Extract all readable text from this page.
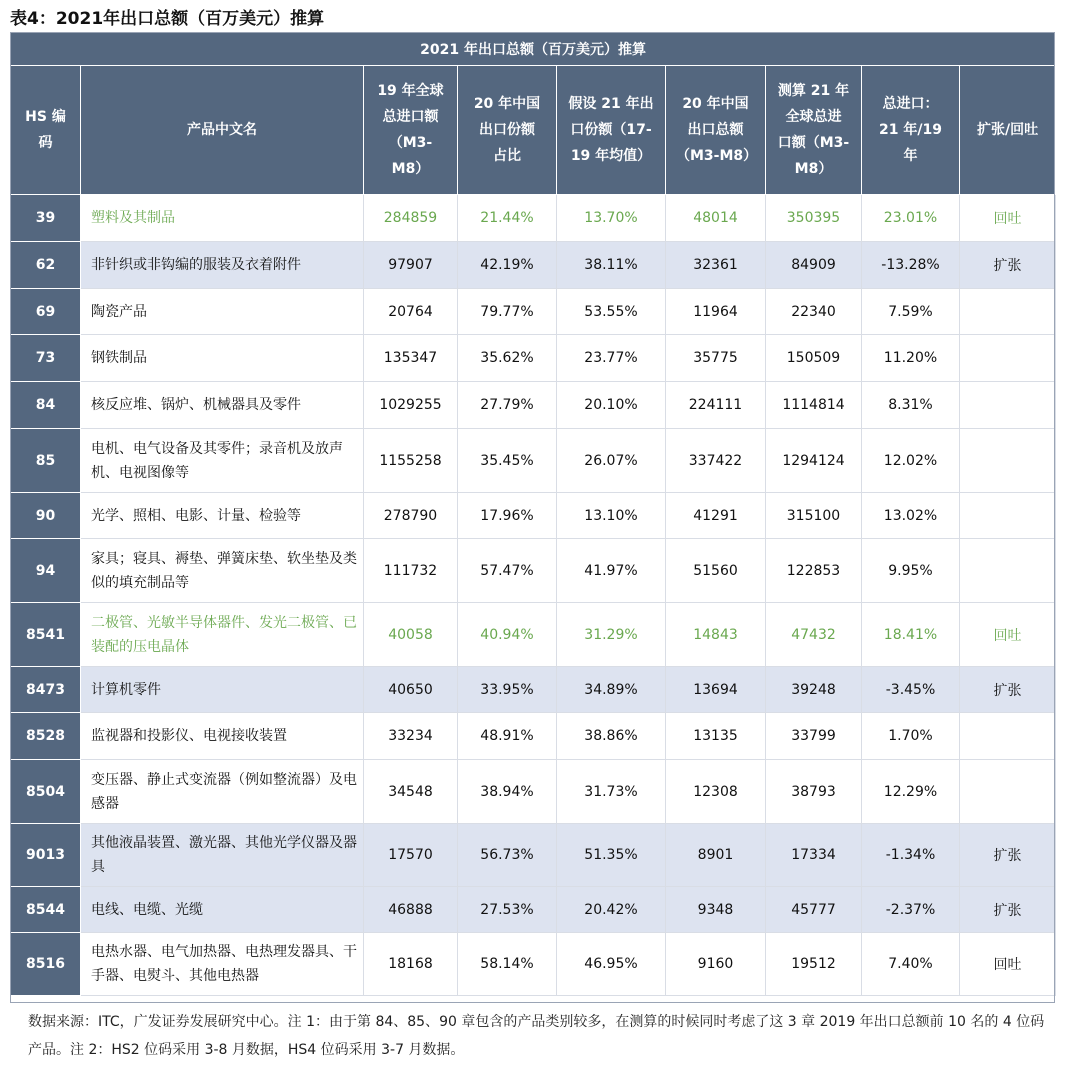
表4：2021年出口总额（百万美元）推算
2021 年出口总额（百万美元）推算								
HS 编
码	产品中文名	19 年全球
总进口额
（M3-
M8）	20 年中国
出口份额
占比	假设 21 年出
口份额（17-
19 年均值）	20 年中国
出口总额
（M3-M8）	测算 21 年
全球总进
口额（M3-
M8）	总进口：
21 年/19
年	扩张/回吐
39	塑料及其制品	284859	21.44%	13.70%	48014	350395	23.01%	回吐
62	非针织或非钩编的服装及衣着附件	97907	42.19%	38.11%	32361	84909	-13.28%	扩张
69	陶瓷产品	20764	79.77%	53.55%	11964	22340	7.59%	
73	钢铁制品	135347	35.62%	23.77%	35775	150509	11.20%	
84	核反应堆、锅炉、机械器具及零件	1029255	27.79%	20.10%	224111	1114814	8.31%	
85	电机、电气设备及其零件；录音机及放声机、电视图像等	1155258	35.45%	26.07%	337422	1294124	12.02%	
90	光学、照相、电影、计量、检验等	278790	17.96%	13.10%	41291	315100	13.02%	
94	家具；寝具、褥垫、弹簧床垫、软坐垫及类似的填充制品等	111732	57.47%	41.97%	51560	122853	9.95%	
8541	二极管、光敏半导体器件、发光二极管、已装配的压电晶体	40058	40.94%	31.29%	14843	47432	18.41%	回吐
8473	计算机零件	40650	33.95%	34.89%	13694	39248	-3.45%	扩张
8528	监视器和投影仪、电视接收装置	33234	48.91%	38.86%	13135	33799	1.70%	
8504	变压器、静止式变流器（例如整流器）及电感器	34548	38.94%	31.73%	12308	38793	12.29%	
9013	其他液晶装置、激光器、其他光学仪器及器具	17570	56.73%	51.35%	8901	17334	-1.34%	扩张
8544	电线、电缆、光缆	46888	27.53%	20.42%	9348	45777	-2.37%	扩张
8516	电热水器、电气加热器、电热理发器具、干手器、电熨斗、其他电热器	18168	58.14%	46.95%	9160	19512	7.40%	回吐
数据来源：ITC，广发证券发展研究中心。注 1：由于第 84、85、90 章包含的产品类别较多，在测算的时候同时考虑了这 3 章 2019 年出口总额前 10 名的 4 位码产品。注 2：HS2 位码采用 3-8 月数据，HS4 位码采用 3-7 月数据。
